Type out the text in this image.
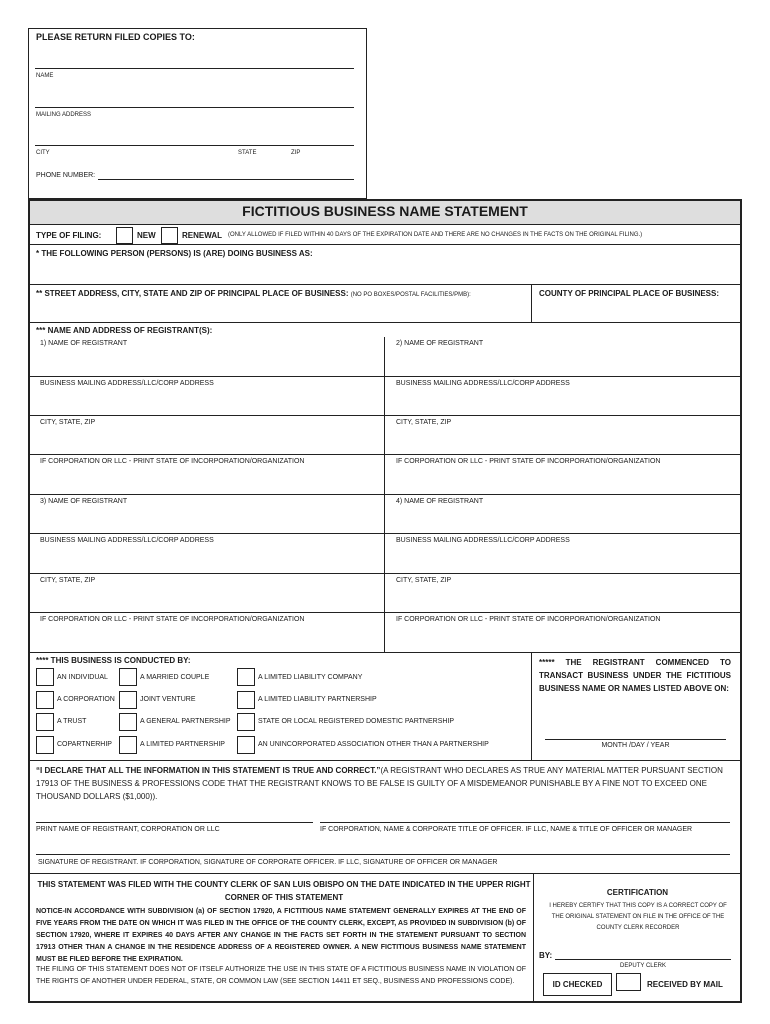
PLEASE RETURN FILED COPIES TO:
NAME
MAILING ADDRESS
CITY	STATE	ZIP
PHONE NUMBER:
FICTITIOUS BUSINESS NAME STATEMENT
TYPE OF FILING:	NEW	RENEWAL (ONLY ALLOWED IF FILED WITHIN 40 DAYS OF THE EXPIRATION DATE AND THERE ARE NO CHANGES IN THE FACTS ON THE ORIGINAL FILING.)
* THE FOLLOWING PERSON (PERSONS) IS (ARE) DOING BUSINESS AS:
** STREET ADDRESS, CITY, STATE AND ZIP OF PRINCIPAL PLACE OF BUSINESS: (NO PO BOXES/POSTAL FACILITIES/PMB):	COUNTY OF PRINCIPAL PLACE OF BUSINESS:
*** NAME AND ADDRESS OF REGISTRANT(S):
1) NAME OF REGISTRANT	2) NAME OF REGISTRANT
BUSINESS MAILING ADDRESS/LLC/CORP ADDRESS	BUSINESS MAILING ADDRESS/LLC/CORP ADDRESS
CITY, STATE, ZIP	CITY, STATE, ZIP
IF CORPORATION OR LLC - PRINT STATE OF INCORPORATION/ORGANIZATION	IF CORPORATION OR LLC - PRINT STATE OF INCORPORATION/ORGANIZATION
3) NAME OF REGISTRANT	4) NAME OF REGISTRANT
BUSINESS MAILING ADDRESS/LLC/CORP ADDRESS	BUSINESS MAILING ADDRESS/LLC/CORP ADDRESS
CITY, STATE, ZIP	CITY, STATE, ZIP
IF CORPORATION OR LLC - PRINT STATE OF INCORPORATION/ORGANIZATION	IF CORPORATION OR LLC - PRINT STATE OF INCORPORATION/ORGANIZATION
**** THIS BUSINESS IS CONDUCTED BY:
AN INDIVIDUAL	A MARRIED COUPLE	A LIMITED LIABILITY COMPANY
A CORPORATION	JOINT VENTURE	A LIMITED LIABILITY PARTNERSHIP
A TRUST	A GENERAL PARTNERSHIP	STATE OR LOCAL REGISTERED DOMESTIC PARTNERSHIP
COPARTNERHIP	A LIMITED PARTNERSHIP	AN UNINCORPORATED ASSOCIATION OTHER THAN A PARTNERSHIP
***** THE REGISTRANT COMMENCED TO TRANSACT BUSINESS UNDER THE FICTITIOUS BUSINESS NAME OR NAMES LISTED ABOVE ON:
MONTH /DAY / YEAR
“I DECLARE THAT ALL THE INFORMATION IN THIS STATEMENT IS TRUE AND CORRECT.”(A REGISTRANT WHO DECLARES AS TRUE ANY MATERIAL MATTER PURSUANT SECTION 17913 OF THE BUSINESS & PROFESSIONS CODE THAT THE REGISTRANT KNOWS TO BE FALSE IS GUILTY OF A MISDEMEANOR PUNISHABLE BY A FINE NOT TO EXCEED ONE THOUSAND DOLLARS ($1,000)).
PRINT NAME OF REGISTRANT, CORPORATION OR LLC	IF CORPORATION, NAME & CORPORATE TITLE OF OFFICER. IF LLC, NAME & TITLE OF OFFICER OR MANAGER
SIGNATURE OF REGISTRANT. IF CORPORATION, SIGNATURE OF CORPORATE OFFICER. IF LLC, SIGNATURE OF OFFICER OR MANAGER
THIS STATEMENT WAS FILED WITH THE COUNTY CLERK OF SAN LUIS OBISPO ON THE DATE INDICATED IN THE UPPER RIGHT CORNER OF THIS STATEMENT
NOTICE-IN ACCORDANCE WITH SUBDIVISION (a) OF SECTION 17920, A FICTITIOUS NAME STATEMENT GENERALLY EXPIRES AT THE END OF FIVE YEARS FROM THE DATE ON WHICH IT WAS FILED IN THE OFFICE OF THE COUNTY CLERK, EXCEPT, AS PROVIDED IN SUBDIVISION (b) OF SECTION 17920, WHERE IT EXPIRES 40 DAYS AFTER ANY CHANGE IN THE FACTS SET FORTH IN THE STATEMENT PURSUANT TO SECTION 17913 OTHER THAN A CHANGE IN THE RESIDENCE ADDRESS OF A REGISTERED OWNER. A NEW FICTITIOUS BUSINESS NAME STATEMENT MUST BE FILED BEFORE THE EXPIRATION.
THE FILING OF THIS STATEMENT DOES NOT OF ITSELF AUTHORIZE THE USE IN THIS STATE OF A FICTITIOUS BUSINESS NAME IN VIOLATION OF THE RIGHTS OF ANOTHER UNDER FEDERAL, STATE, OR COMMON LAW (SEE SECTION 14411 ET SEQ., BUSINESS AND PROFESSIONS CODE).
CERTIFICATION
I HEREBY CERTIFY THAT THIS COPY IS A CORRECT COPY OF THE ORIGINAL STATEMENT ON FILE IN THE OFFICE OF THE COUNTY CLERK RECORDER
BY:
DEPUTY CLERK
ID CHECKED	RECEIVED BY MAIL
